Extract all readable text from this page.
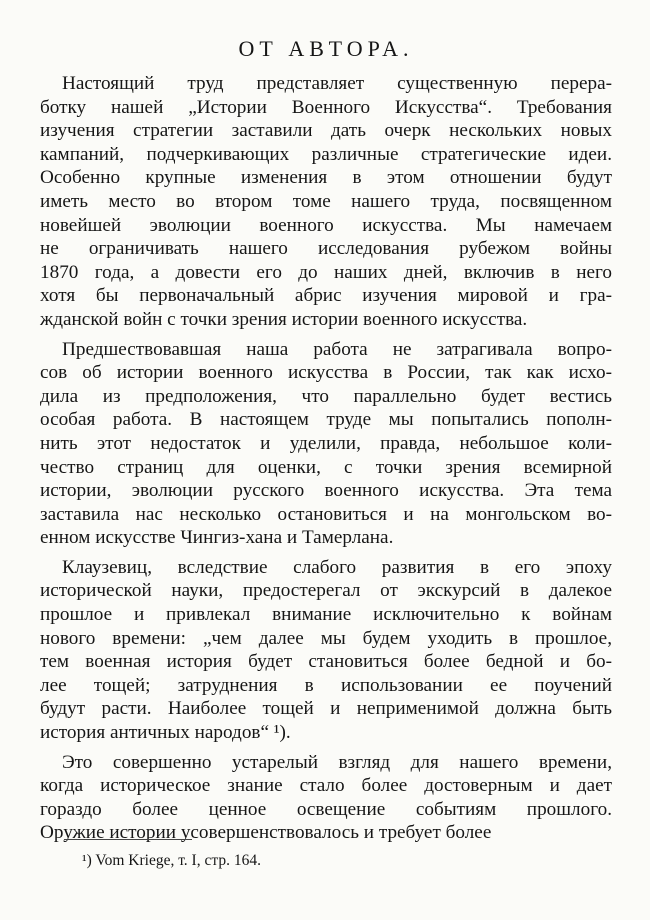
ОТ АВТОРА.
Настоящий труд представляет существенную перера-
ботку нашей „Истории Военного Искусства“. Требования
изучения стратегии заставили дать очерк нескольких новых
кампаний, подчеркивающих различные стратегические идеи.
Особенно крупные изменения в этом отношении будут
иметь место во втором томе нашего труда, посвященном
новейшей эволюции военного искусства. Мы намечаем
не ограничивать нашего исследования рубежом войны
1870 года, а довести его до наших дней, включив в него
хотя бы первоначальный абрис изучения мировой и гра-
жданской войн с точки зрения истории военного искусства.
Предшествовавшая наша работа не затрагивала вопро-
сов об истории военного искусства в России, так как исхо-
дила из предположения, что параллельно будет вестись
особая работа. В настоящем труде мы попытались пополн-
нить этот недостаток и уделили, правда, небольшое коли-
чество страниц для оценки, с точки зрения всемирной
истории, эволюции русского военного искусства. Эта тема
заставила нас несколько остановиться и на монгольском во-
енном искусстве Чингиз-хана и Тамерлана.
Клаузевиц, вследствие слабого развития в его эпоху
исторической науки, предостерегал от экскурсий в далекое
прошлое и привлекал внимание исключительно к войнам
нового времени: „чем далее мы будем уходить в прошлое,
тем военная история будет становиться более бедной и бо-
лее тощей; затруднения в использовании ее поучений
будут расти. Наиболее тощей и неприменимой должна быть
история античных народов“ ¹).
Это совершенно устарелый взгляд для нашего времени,
когда историческое знание стало более достоверным и дает
гораздо более ценное освещение событиям прошлого.
Оружие истории усовершенствовалось и требует более
¹) Vom Kriege, т. I, стр. 164.
